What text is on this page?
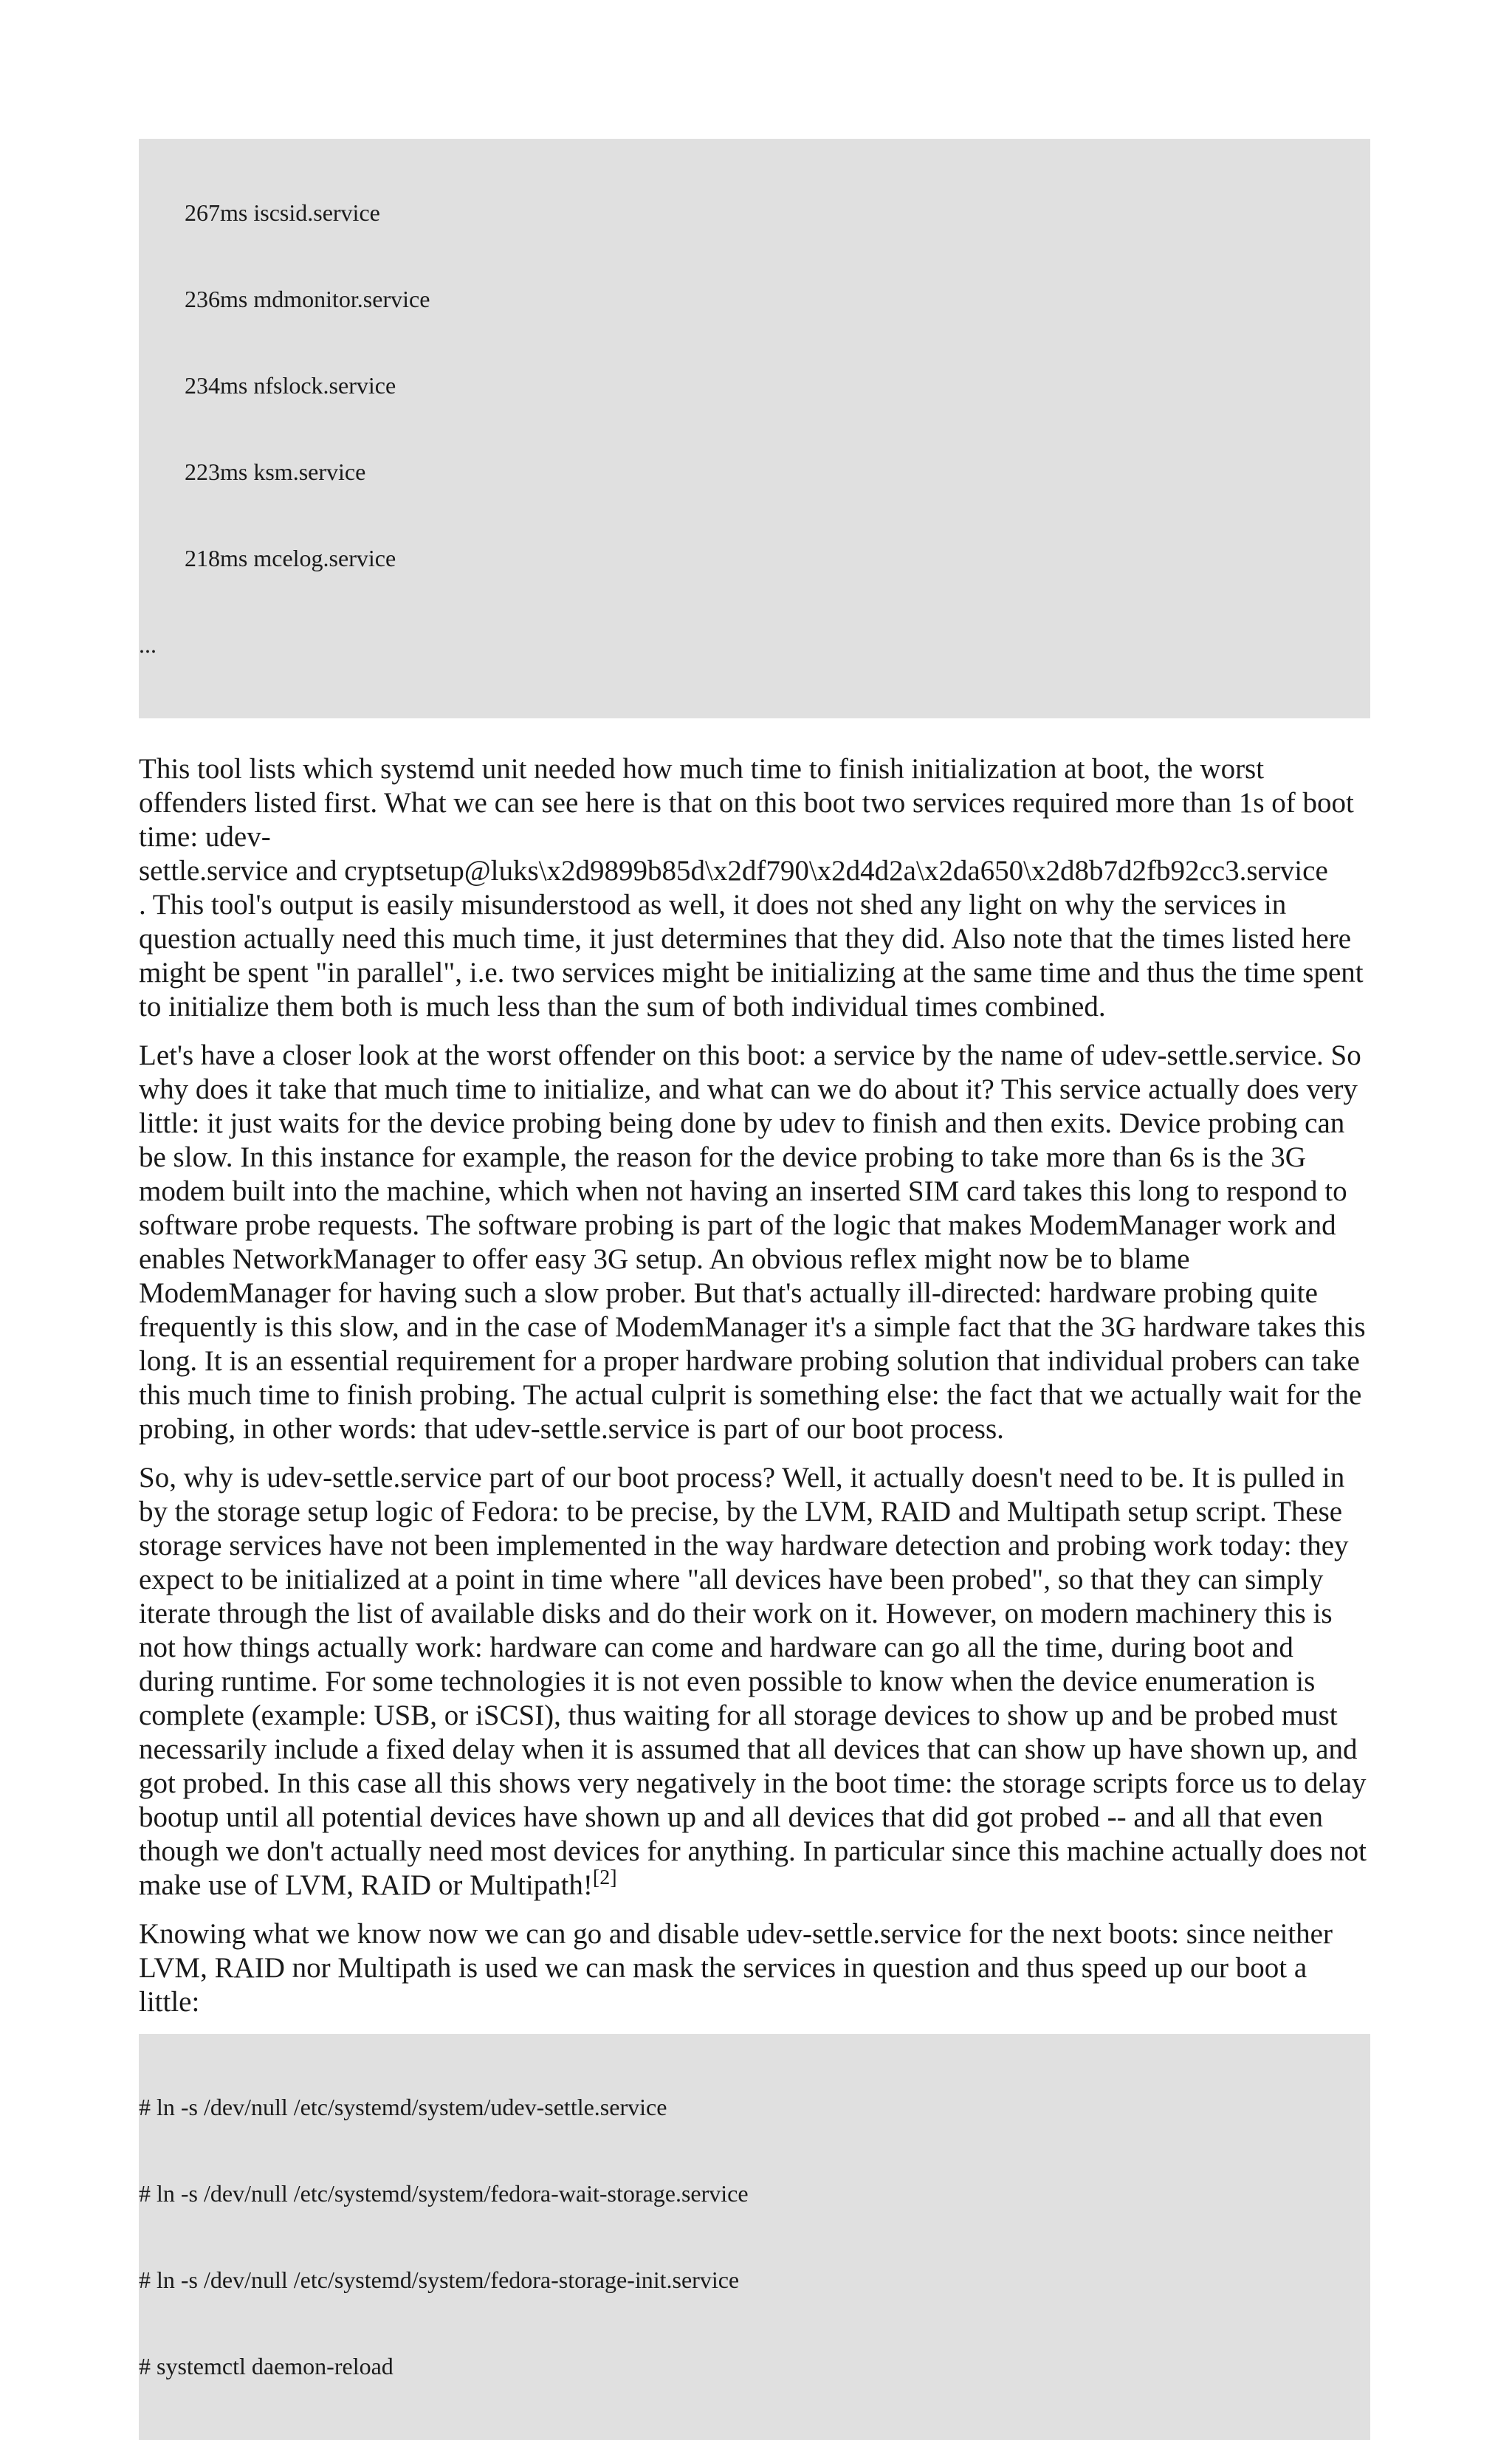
267ms iscsid.service

236ms mdmonitor.service

234ms nfslock.service

223ms ksm.service

218ms mcelog.service

...

This tool lists which systemd unit needed how much time to finish initialization at boot, the worst offenders listed first. What we can see here is that on this boot two services required more than 1s of boot time: udev-
settle.service and cryptsetup@luks\x2d9899b85d\x2df790\x2d4d2a\x2da650\x2d8b7d2fb92cc3.service
. This tool's output is easily misunderstood as well, it does not shed any light on why the services in question actually need this much time, it just determines that they did. Also note that the times listed here might be spent "in parallel", i.e. two services might be initializing at the same time and thus the time spent to initialize them both is much less than the sum of both individual times combined.

Let's have a closer look at the worst offender on this boot: a service by the name of udev-settle.service. So why does it take that much time to initialize, and what can we do about it? This service actually does very little: it just waits for the device probing being done by udev to finish and then exits. Device probing can be slow. In this instance for example, the reason for the device probing to take more than 6s is the 3G modem built into the machine, which when not having an inserted SIM card takes this long to respond to software probe requests. The software probing is part of the logic that makes ModemManager work and enables NetworkManager to offer easy 3G setup. An obvious reflex might now be to blame ModemManager for having such a slow prober. But that's actually ill-directed: hardware probing quite frequently is this slow, and in the case of ModemManager it's a simple fact that the 3G hardware takes this long. It is an essential requirement for a proper hardware probing solution that individual probers can take this much time to finish probing. The actual culprit is something else: the fact that we actually wait for the probing, in other words: that udev-settle.service is part of our boot process.

So, why is udev-settle.service part of our boot process? Well, it actually doesn't need to be. It is pulled in by the storage setup logic of Fedora: to be precise, by the LVM, RAID and Multipath setup script. These storage services have not been implemented in the way hardware detection and probing work today: they expect to be initialized at a point in time where "all devices have been probed", so that they can simply iterate through the list of available disks and do their work on it. However, on modern machinery this is not how things actually work: hardware can come and hardware can go all the time, during boot and during runtime. For some technologies it is not even possible to know when the device enumeration is complete (example: USB, or iSCSI), thus waiting for all storage devices to show up and be probed must necessarily include a fixed delay when it is assumed that all devices that can show up have shown up, and got probed. In this case all this shows very negatively in the boot time: the storage scripts force us to delay bootup until all potential devices have shown up and all devices that did got probed -- and all that even though we don't actually need most devices for anything. In particular since this machine actually does not make use of LVM, RAID or Multipath![2]

Knowing what we know now we can go and disable udev-settle.service for the next boots: since neither LVM, RAID nor Multipath is used we can mask the services in question and thus speed up our boot a little:

# ln -s /dev/null /etc/systemd/system/udev-settle.service

# ln -s /dev/null /etc/systemd/system/fedora-wait-storage.service

# ln -s /dev/null /etc/systemd/system/fedora-storage-init.service

# systemctl daemon-reload
